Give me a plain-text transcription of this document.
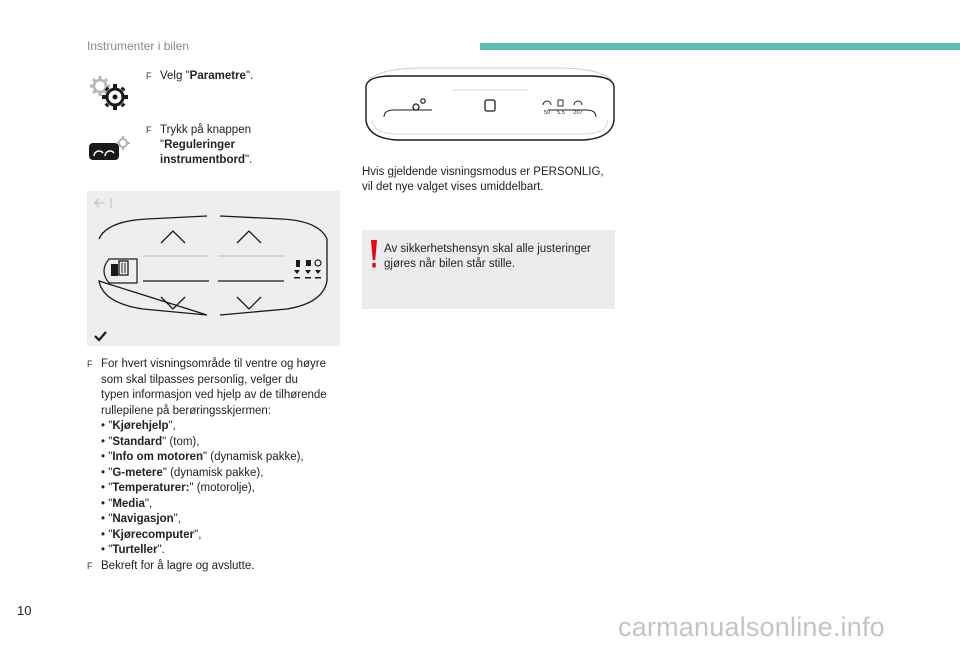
Instrumenter i bilen
F Velg "Parametre".
F Trykk på knappen
"Reguleringer
instrumentbord".
F For hvert visningsområde til ventre og høyre
som skal tilpasses personlig, velger du
typen informasjon ved hjelp av de tilhørende
rullepilene på berøringsskjermen:
• "Kjørehjelp",
• "Standard" (tom),
• "Info om motoren" (dynamisk pakke),
• "G-metere" (dynamisk pakke),
• "Temperaturer:" (motorolje),
• "Media",
• "Navigasjon",
• "Kjørecomputer",
• "Turteller".
F Bekreft for å lagre og avslutte.
50 5.5 207
Hvis gjeldende visningsmodus er PERSONLIG,
vil det nye valget vises umiddelbart.
Av sikkerhetshensyn skal alle justeringer
gjøres når bilen står stille.
10
carmanualsonline.info
